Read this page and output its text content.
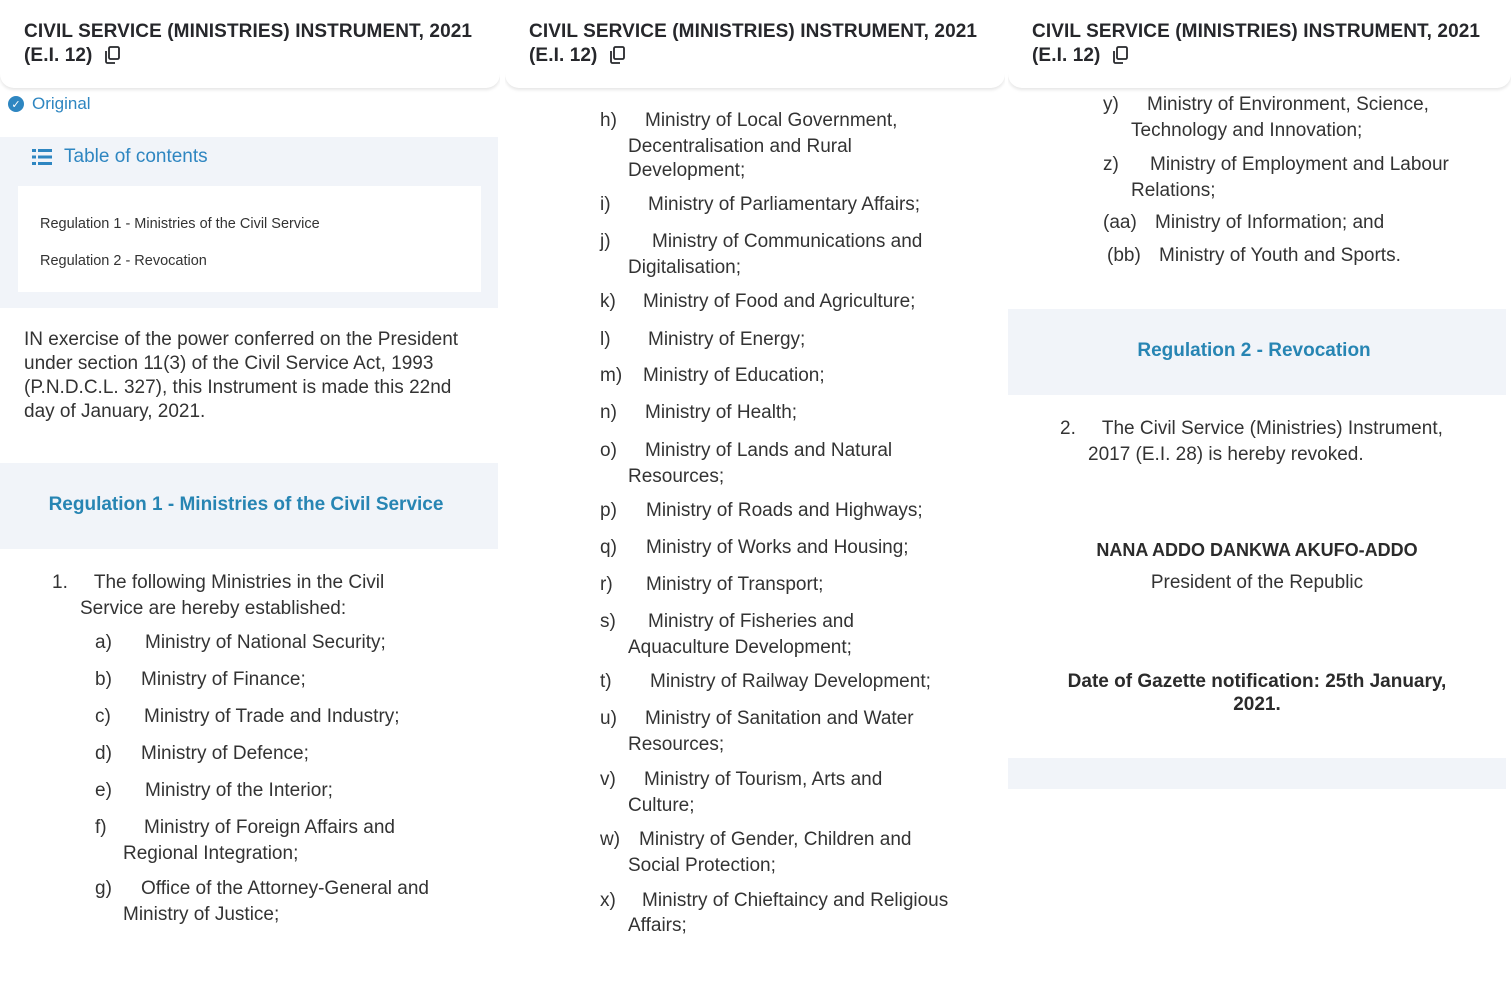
CIVIL SERVICE (MINISTRIES) INSTRUMENT, 2021
(E.I. 12)
✓ Original
Table of contents
Regulation 1 - Ministries of the Civil Service
Regulation 2 - Revocation
IN exercise of the power conferred on the President under section 11(3) of the Civil Service Act, 1993 (P.N.D.C.L. 327), this Instrument is made this 22nd day of January, 2021.
Regulation 1 - Ministries of the Civil Service
1. The following Ministries in the Civil
Service are hereby established:
a) Ministry of National Security;
b) Ministry of Finance;
c) Ministry of Trade and Industry;
d) Ministry of Defence;
e) Ministry of the Interior;
f) Ministry of Foreign Affairs and
Regional Integration;
g) Office of the Attorney-General and
Ministry of Justice;
CIVIL SERVICE (MINISTRIES) INSTRUMENT, 2021
(E.I. 12)
h) Ministry of Local Government,
Decentralisation and Rural
Development;
i) Ministry of Parliamentary Affairs;
j) Ministry of Communications and
Digitalisation;
k) Ministry of Food and Agriculture;
l) Ministry of Energy;
m) Ministry of Education;
n) Ministry of Health;
o) Ministry of Lands and Natural
Resources;
p) Ministry of Roads and Highways;
q) Ministry of Works and Housing;
r) Ministry of Transport;
s) Ministry of Fisheries and
Aquaculture Development;
t) Ministry of Railway Development;
u) Ministry of Sanitation and Water
Resources;
v) Ministry of Tourism, Arts and
Culture;
w) Ministry of Gender, Children and
Social Protection;
x) Ministry of Chieftaincy and Religious
Affairs;
CIVIL SERVICE (MINISTRIES) INSTRUMENT, 2021
(E.I. 12)
y) Ministry of Environment, Science,
Technology and Innovation;
z) Ministry of Employment and Labour
Relations;
(aa) Ministry of Information; and
(bb) Ministry of Youth and Sports.
Regulation 2 - Revocation
2. The Civil Service (Ministries) Instrument,
2017 (E.I. 28) is hereby revoked.
NANA ADDO DANKWA AKUFO-ADDO
President of the Republic
Date of Gazette notification: 25th January,
2021.
